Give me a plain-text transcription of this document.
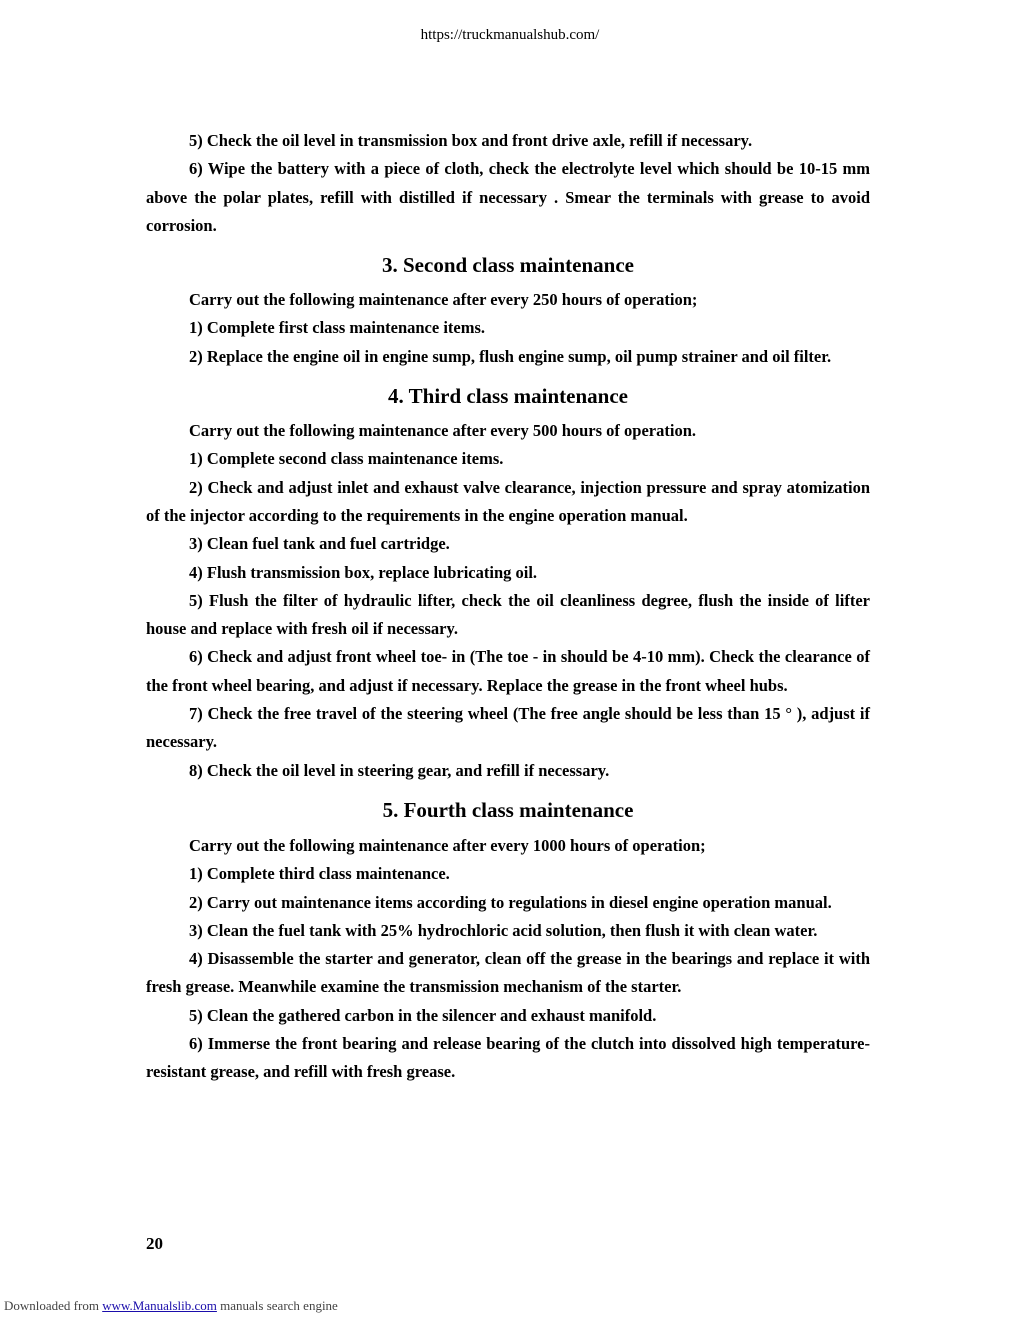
https://truckmanualshub.com/

5) Check the oil level in transmission box and front drive axle, refill if necessary.

6) Wipe the battery with a piece of cloth, check the electrolyte level which should be 10-15 mm above the polar plates, refill with distilled if necessary . Smear the terminals with grease to avoid corrosion.

3. Second class maintenance

Carry out the following maintenance after every 250 hours of operation;

1) Complete first class maintenance items.

2) Replace the engine oil in engine sump, flush engine sump, oil pump strainer and oil filter.

4. Third class maintenance

Carry out the following maintenance after every 500 hours of operation.

1) Complete second class maintenance items.

2) Check and adjust inlet and exhaust valve clearance, injection pressure and spray atomization of the injector according to the requirements in the engine operation manual.

3) Clean fuel tank and fuel cartridge.

4) Flush transmission box, replace lubricating oil.

5) Flush the filter of hydraulic lifter, check the oil cleanliness degree, flush the inside of lifter house and replace with fresh oil if necessary.

6) Check and adjust front wheel toe- in (The toe - in should be 4-10 mm). Check the clearance of the front wheel bearing, and adjust if necessary. Replace the grease in the front wheel hubs.

7) Check the free travel of the steering wheel (The free angle should be less than 15 ° ), adjust if necessary.

8) Check the oil level in steering gear, and refill if necessary.

5. Fourth class maintenance

Carry out the following maintenance after every 1000 hours of operation;

1) Complete third class maintenance.

2) Carry out maintenance items according to regulations in diesel engine operation manual.

3) Clean the fuel tank with 25% hydrochloric acid solution, then flush it with clean water.

4) Disassemble the starter and generator, clean off the grease in the bearings and replace it with fresh grease. Meanwhile examine the transmission mechanism of the starter.

5) Clean the gathered carbon in the silencer and exhaust manifold.

6) Immerse the front bearing and release bearing of the clutch into dissolved high temperature- resistant grease, and refill with fresh grease.

20
Downloaded from www.Manualslib.com manuals search engine
